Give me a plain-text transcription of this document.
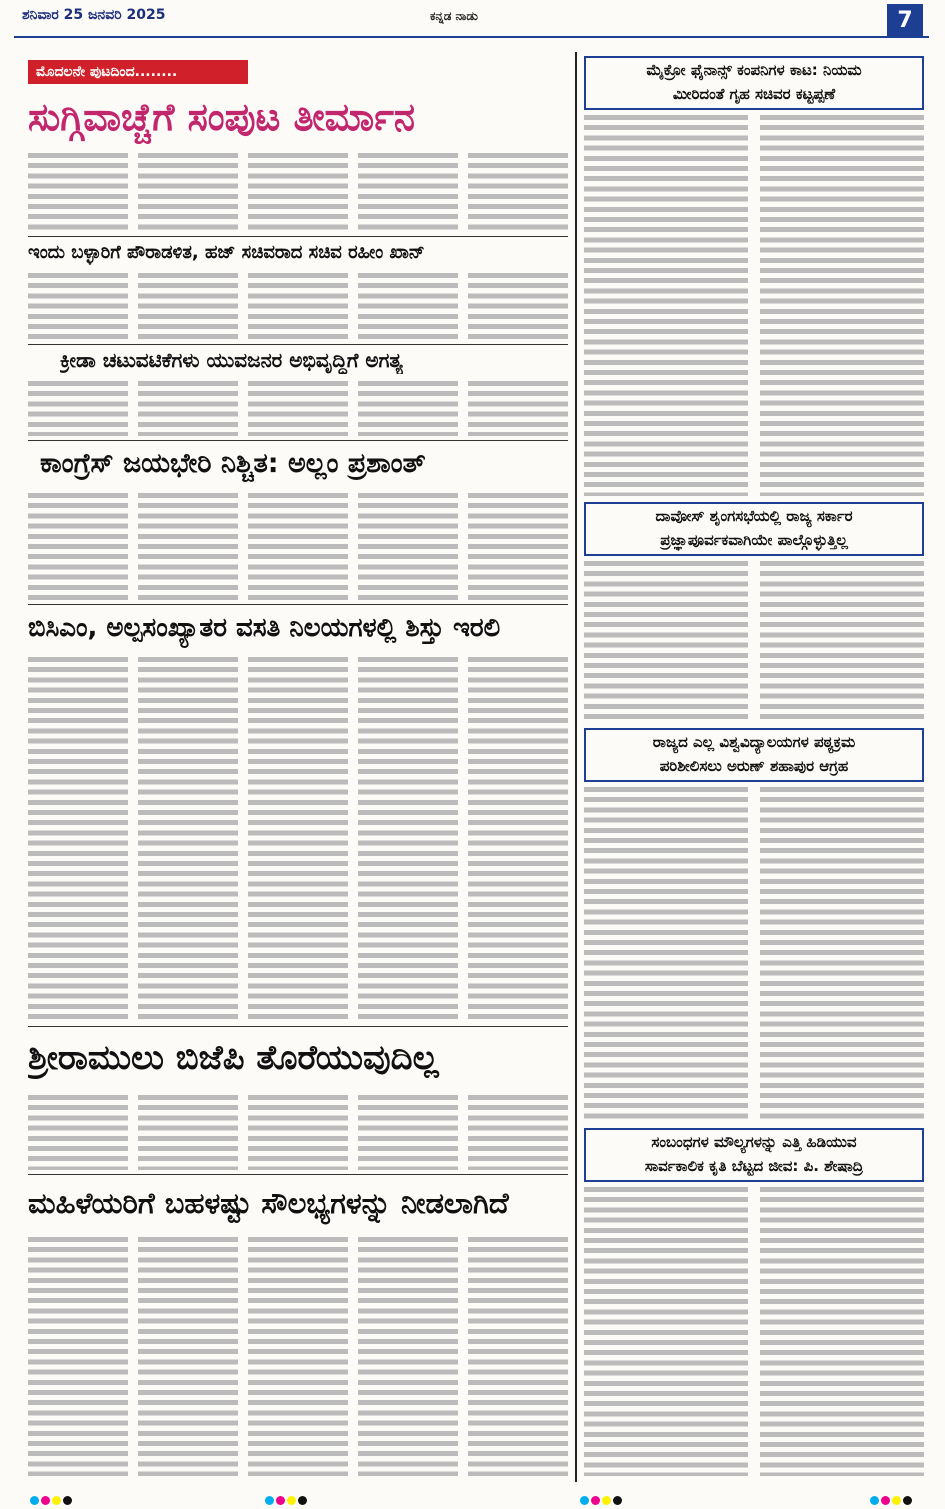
ಶನಿವಾರ 25 ಜನವರಿ 2025	ಕನ್ನಡ ನಾಡು	7
ಮೊದಲನೇ ಪುಟದಿಂದ........
ಸುಗ್ಗಿವಾಚ್ಚೆಗೆ ಸಂಪುಟ ತೀರ್ಮಾನ
ಇಂದು ಬಳ್ಳಾರಿಗೆ ಪೌರಾಡಳಿತ, ಹಜ್ ಸಚಿವರಾದ ಸಚಿವ ರಹೀಂ ಖಾನ್
ಕ್ರೀಡಾ ಚಟುವಟಿಕೆಗಳು ಯುವಜನರ ಅಭಿವೃದ್ಧಿಗೆ ಅಗತ್ಯ
ಕಾಂಗ್ರೆಸ್ ಜಯಭೇರಿ ನಿಶ್ಚಿತ: ಅಲ್ಲಂ ಪ್ರಶಾಂತ್
ಬಿಸಿಎಂ, ಅಲ್ಪಸಂಖ್ಯಾತರ ವಸತಿ ನಿಲಯಗಳಲ್ಲಿ ಶಿಸ್ತು ಇರಲಿ
ಶ್ರೀರಾಮುಲು ಬಿಜೆಪಿ ತೊರೆಯುವುದಿಲ್ಲ
ಮಹಿಳೆಯರಿಗೆ ಬಹಳಷ್ಟು ಸೌಲಭ್ಯಗಳನ್ನು ನೀಡಲಾಗಿದೆ
ಮೈಕ್ರೋ ಫೈನಾನ್ಸ್ ಕಂಪನಿಗಳ ಕಾಟ: ನಿಯಮ
ಮೀರಿದಂತೆ ಗೃಹ ಸಚಿವರ ಕಟ್ಟಪ್ಪಣೆ
ದಾವೋಸ್ ಶೃಂಗಸಭೆಯಲ್ಲಿ ರಾಜ್ಯ ಸರ್ಕಾರ
ಪ್ರಜ್ಞಾಪೂರ್ವಕವಾಗಿಯೇ ಪಾಲ್ಗೊಳ್ಳುತ್ತಿಲ್ಲ
ರಾಜ್ಯದ ಎಲ್ಲ ವಿಶ್ವವಿದ್ಯಾಲಯಗಳ ಪಠ್ಯಕ್ರಮ
ಪರಿಶೀಲಿಸಲು ಅರುಣ್ ಶಹಾಪುರ ಆಗ್ರಹ
ಸಂಬಂಧಗಳ ಮೌಲ್ಯಗಳನ್ನು ಎತ್ತಿ ಹಿಡಿಯುವ
ಸಾರ್ವಕಾಲಿಕ ಕೃತಿ ಬೆಟ್ಟದ ಜೀವ: ಪಿ. ಶೇಷಾದ್ರಿ
